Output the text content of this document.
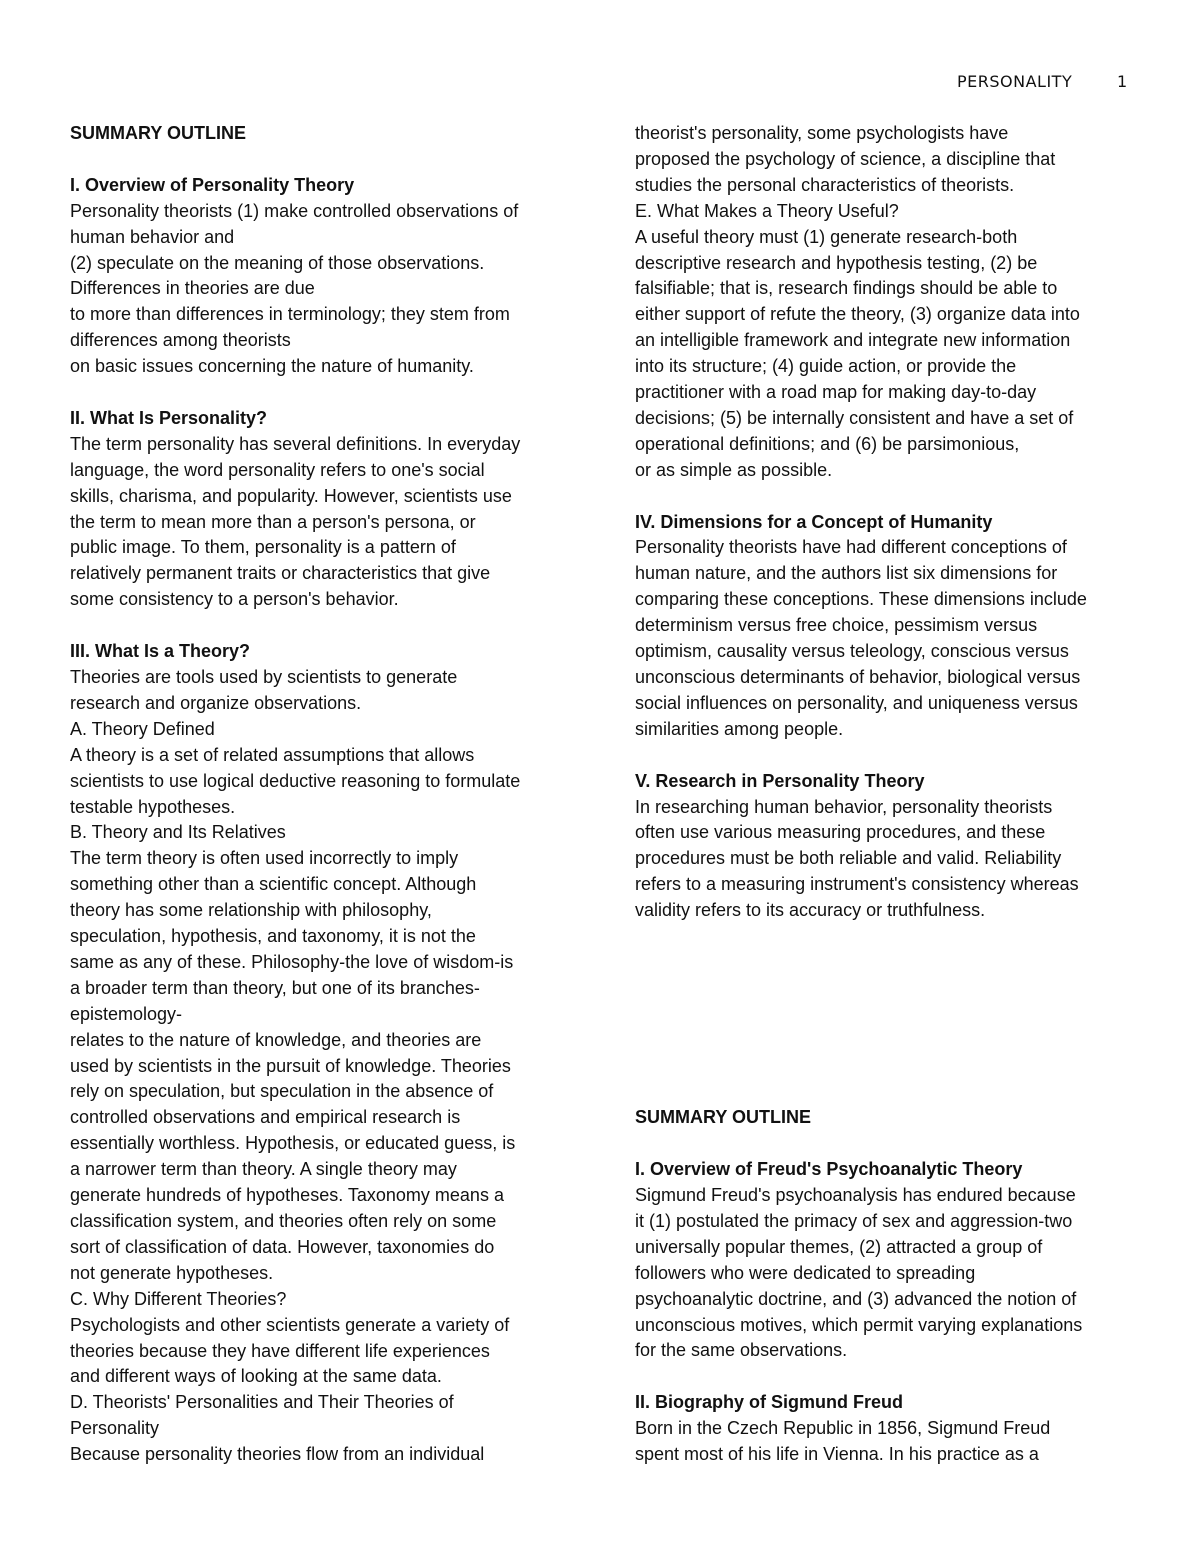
PERSONALITY	1
SUMMARY OUTLINE
I. Overview of Personality Theory
Personality theorists (1) make controlled observations of
human behavior and
(2) speculate on the meaning of those observations.
Differences in theories are due
to more than differences in terminology; they stem from
differences among theorists
on basic issues concerning the nature of humanity.
II. What Is Personality?
The term personality has several definitions. In everyday
language, the word personality refers to one's social
skills, charisma, and popularity. However, scientists use
the term to mean more than a person's persona, or
public image. To them, personality is a pattern of
relatively permanent traits or characteristics that give
some consistency to a person's behavior.
III. What Is a Theory?
Theories are tools used by scientists to generate
research and organize observations.
A. Theory Defined
A theory is a set of related assumptions that allows
scientists to use logical deductive reasoning to formulate
testable hypotheses.
B. Theory and Its Relatives
The term theory is often used incorrectly to imply
something other than a scientific concept. Although
theory has some relationship with philosophy,
speculation, hypothesis, and taxonomy, it is not the
same as any of these. Philosophy-the love of wisdom-is
a broader term than theory, but one of its branches-
epistemology-
relates to the nature of knowledge, and theories are
used by scientists in the pursuit of knowledge. Theories
rely on speculation, but speculation in the absence of
controlled observations and empirical research is
essentially worthless. Hypothesis, or educated guess, is
a narrower term than theory. A single theory may
generate hundreds of hypotheses. Taxonomy means a
classification system, and theories often rely on some
sort of classification of data. However, taxonomies do
not generate hypotheses.
C. Why Different Theories?
Psychologists and other scientists generate a variety of
theories because they have different life experiences
and different ways of looking at the same data.
D. Theorists' Personalities and Their Theories of
Personality
Because personality theories flow from an individual
theorist's personality, some psychologists have
proposed the psychology of science, a discipline that
studies the personal characteristics of theorists.
E. What Makes a Theory Useful?
A useful theory must (1) generate research-both
descriptive research and hypothesis testing, (2) be
falsifiable; that is, research findings should be able to
either support of refute the theory, (3) organize data into
an intelligible framework and integrate new information
into its structure; (4) guide action, or provide the
practitioner with a road map for making day-to-day
decisions; (5) be internally consistent and have a set of
operational definitions; and (6) be parsimonious,
or as simple as possible.
IV. Dimensions for a Concept of Humanity
Personality theorists have had different conceptions of
human nature, and the authors list six dimensions for
comparing these conceptions. These dimensions include
determinism versus free choice, pessimism versus
optimism, causality versus teleology, conscious versus
unconscious determinants of behavior, biological versus
social influences on personality, and uniqueness versus
similarities among people.
V. Research in Personality Theory
In researching human behavior, personality theorists
often use various measuring procedures, and these
procedures must be both reliable and valid. Reliability
refers to a measuring instrument's consistency whereas
validity refers to its accuracy or truthfulness.
SUMMARY OUTLINE
I. Overview of Freud's Psychoanalytic Theory
Sigmund Freud's psychoanalysis has endured because
it (1) postulated the primacy of sex and aggression-two
universally popular themes, (2) attracted a group of
followers who were dedicated to spreading
psychoanalytic doctrine, and (3) advanced the notion of
unconscious motives, which permit varying explanations
for the same observations.
II. Biography of Sigmund Freud
Born in the Czech Republic in 1856, Sigmund Freud
spent most of his life in Vienna. In his practice as a
